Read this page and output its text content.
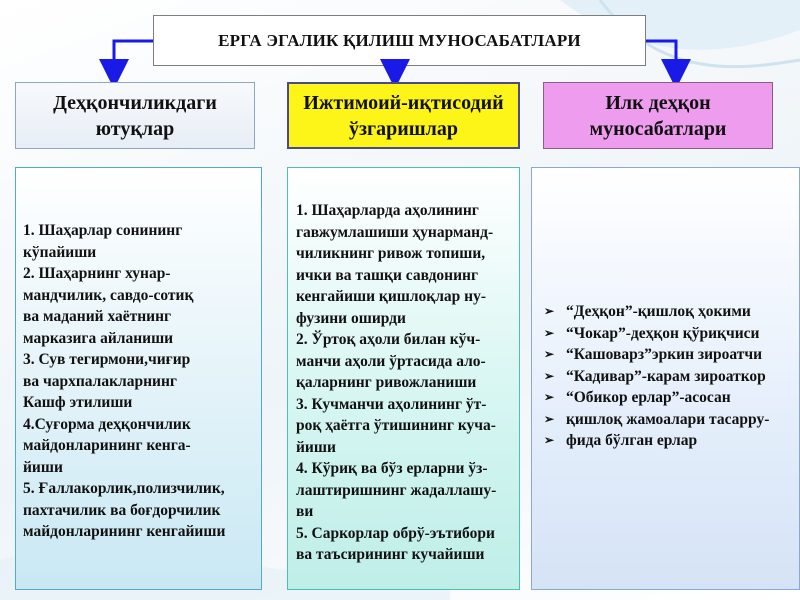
ЕРГА ЭГАЛИК ҚИЛИШ МУНОСАБАТЛАРИ
Деҳқончиликдаги
ютуқлар
Ижтимоий-иқтисодий
ўзгаришлар
Илк деҳқон
муносабатлари
1. Шаҳарлар сонининг
кўпайиши
2. Шаҳарнинг хунар-
мандчилик, савдо-сотиқ
ва маданий хаётнинг
марказига айланиши
3. Сув тегирмони,чиғир
ва чархпалакларнинг
Кашф этилиши
4.Суғорма деҳқончилик
майдонларининг кенга-
йиши
5. Ғаллакорлик,полизчилик,
пахтачилик ва боғдорчилик
майдонларининг кенгайиши
1. Шаҳарларда аҳолининг
гавжумлашиши ҳунарманд-
чиликнинг ривож топиши,
ички ва ташқи савдонинг
кенгайиши қишлоқлар ну-
фузини оширди
2. Ўртоқ аҳоли билан кўч-
манчи аҳоли ўртасида ало-
қаларнинг ривожланиши
3. Кучманчи аҳолининг ўт-
роқ ҳаётга ўтишининг куча-
йиши
4. Кўриқ ва бўз ерларни ўз-
лаштиришнинг жадаллашу-
ви
5. Саркорлар обрў-эътибори
ва таъсирининг кучайиши
➢ “Деҳқон”-қишлоқ ҳокими
➢ “Чокар”-деҳқон қўриқчиси
➢ “Кашоварз”эркин зироатчи
➢ “Кадивар”-карам зироаткор
➢ “Обикор ерлар”-асосан
➢ қишлоқ жамоалари тасарру-
➢ фида бўлган ерлар
